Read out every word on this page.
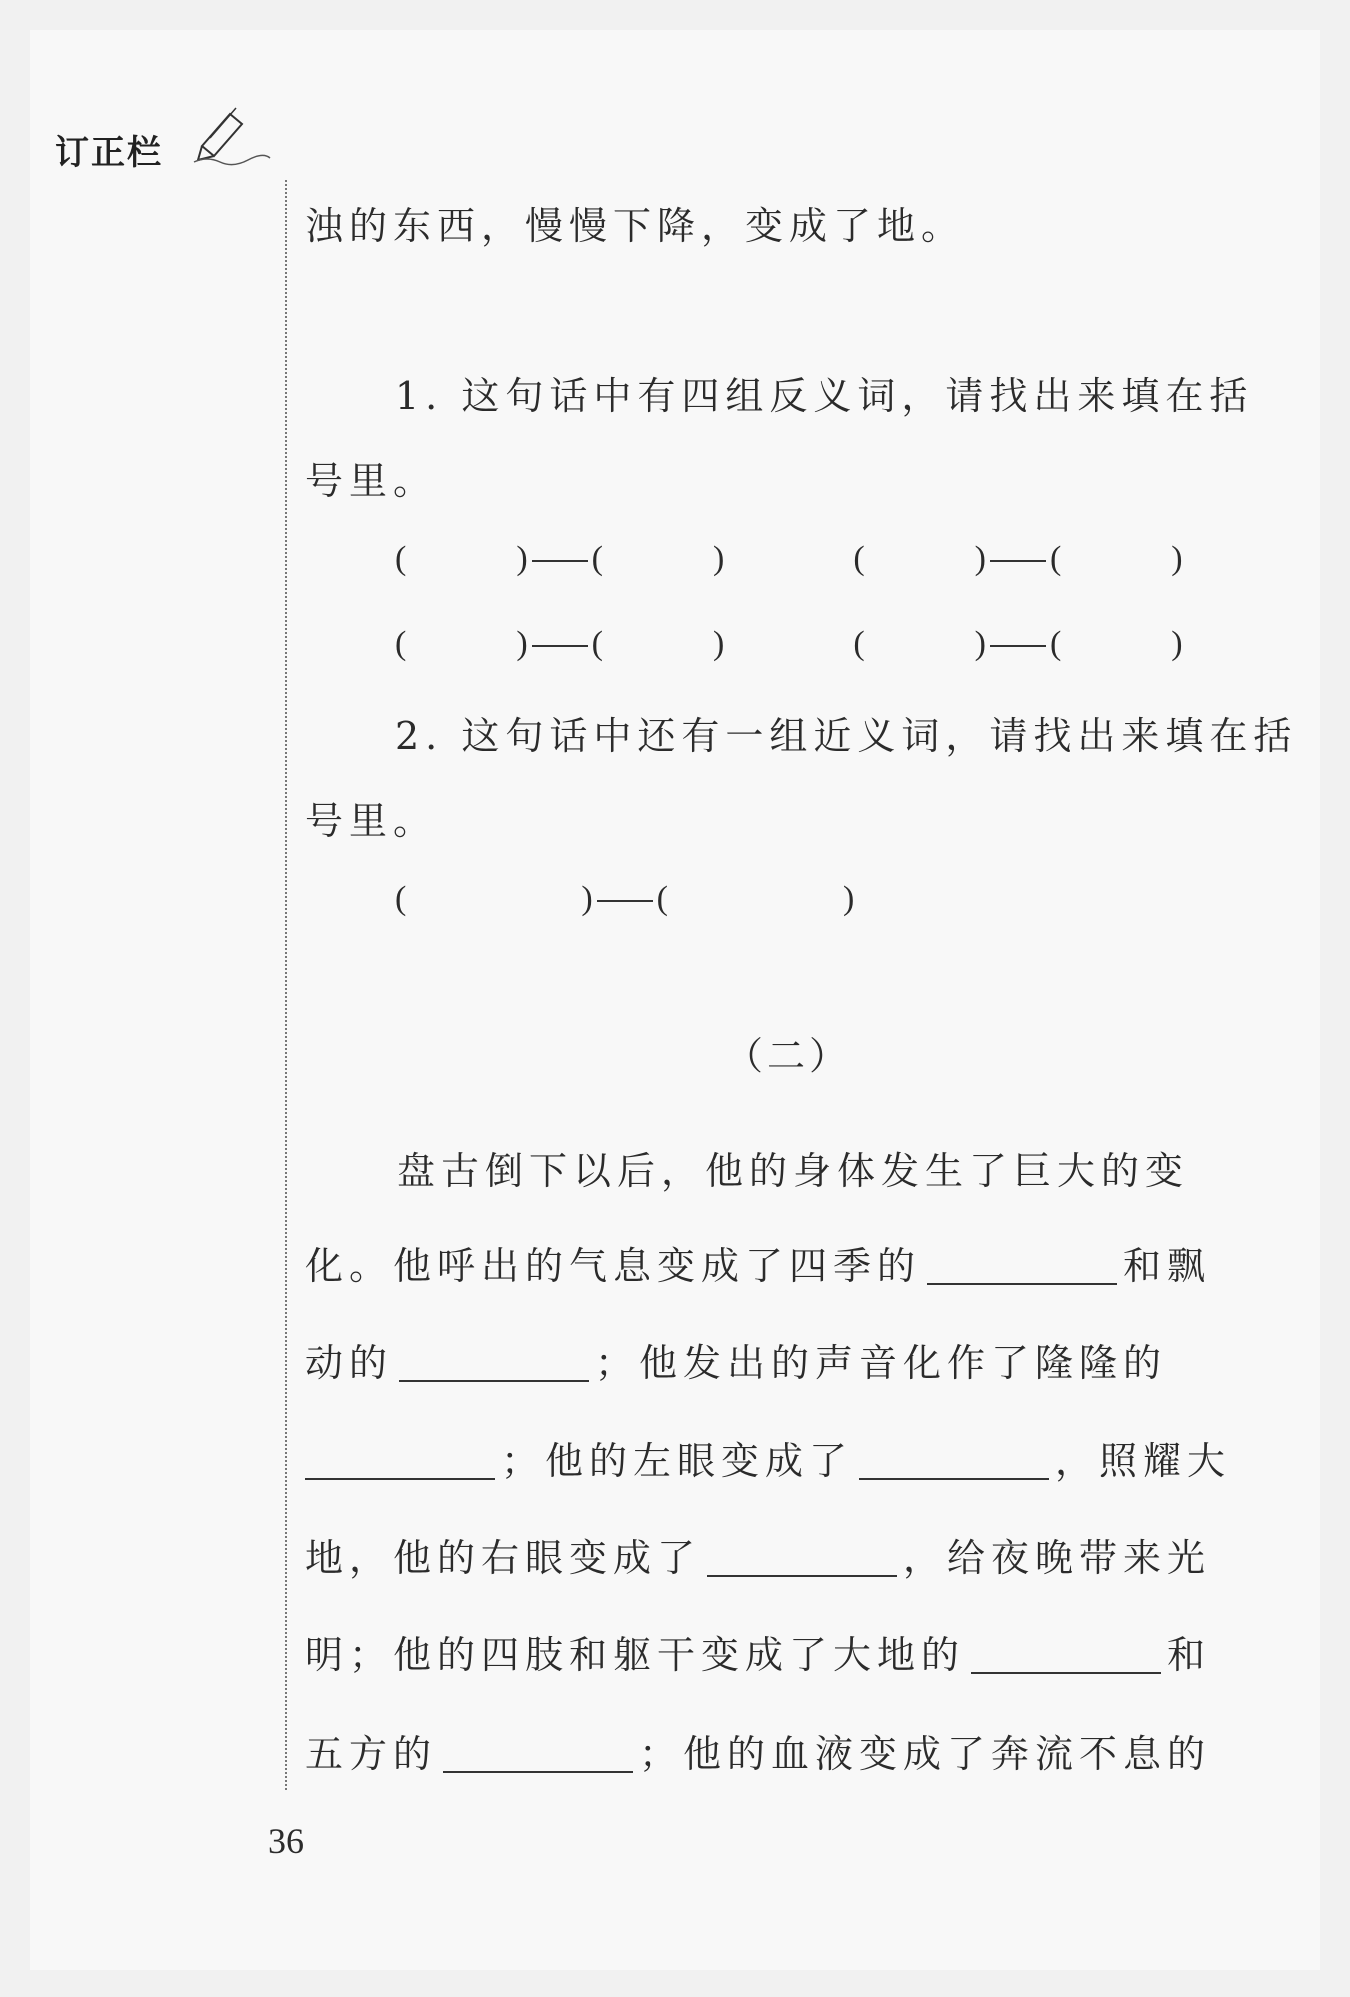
订正栏
浊的东西，慢慢下降，变成了地。
1. 这句话中有四组反义词，请找出来填在括
号里。
(	) (	)	(	) (	)
(	) (	)	(	) (	)
2. 这句话中还有一组近义词，请找出来填在括
号里。
(	) (	)
（二）
盘古倒下以后，他的身体发生了巨大的变
化。他呼出的气息变成了四季的	和飘
动的	；他发出的声音化作了隆隆的
；他的左眼变成了	，照耀大
地，他的右眼变成了	，给夜晚带来光
明；他的四肢和躯干变成了大地的	和
五方的	；他的血液变成了奔流不息的
36
